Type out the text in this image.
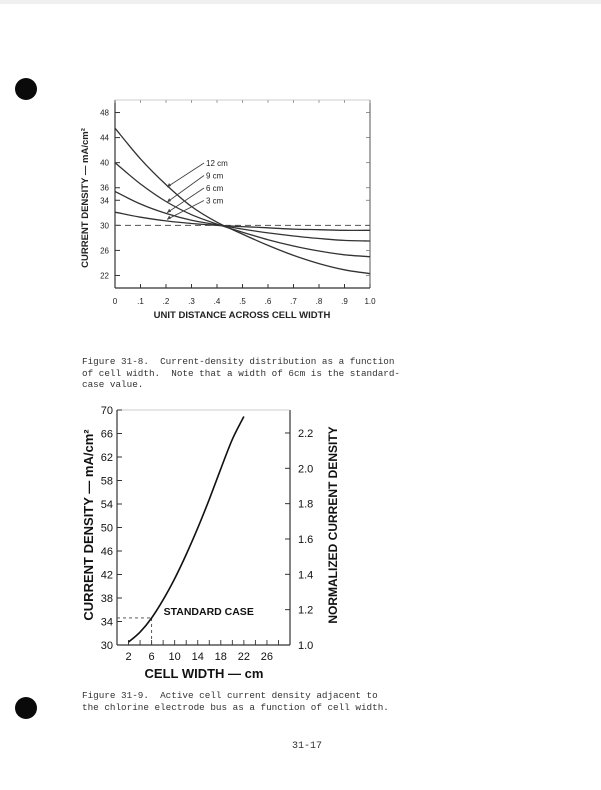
12 cm
9 cm
6 cm
3 cm
0 .1 .2 .3 .4 .5 .6 .7 .8 .9 1.0
22
26
30
34
36
40
44
48
UNIT DISTANCE ACROSS CELL WIDTH
CURRENT DENSITY — mA/cm²

Figure 31-8.  Current-density distribution as a function
of cell width.  Note that a width of 6cm is the standard-
case value.

2 6 10 14 18 22 26
30
34
38
42
46
50
54
58
62
66
70
1.0
1.2
1.4
1.6
1.8
2.0
2.2
STANDARD CASE
CELL WIDTH — cm
CURRENT DENSITY — mA/cm²	NORMALIZED CURRENT DENSITY

Figure 31-9.  Active cell current density adjacent to
the chlorine electrode bus as a function of cell width.

31-17
